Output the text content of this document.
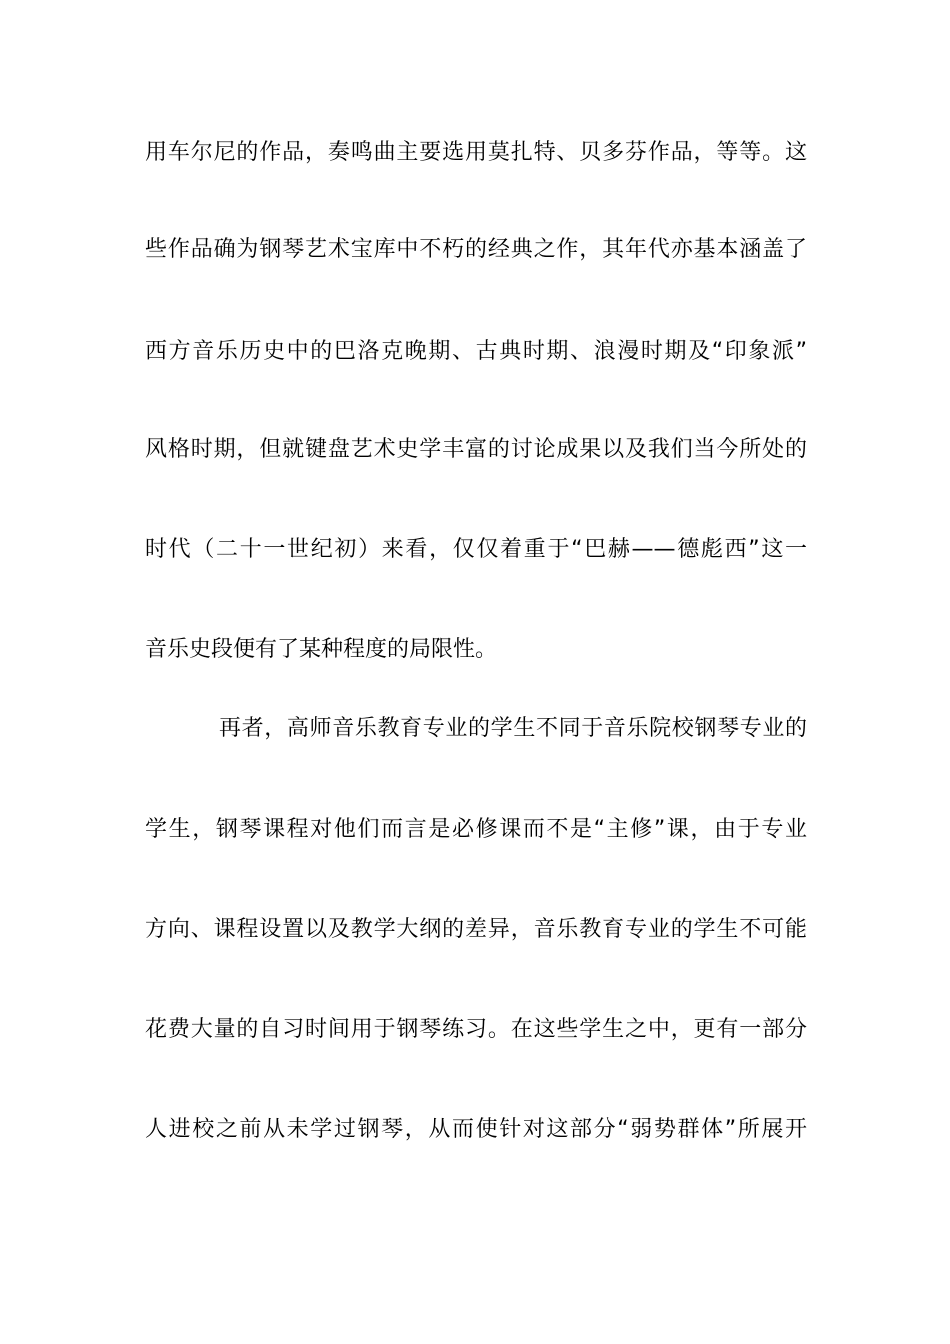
用车尔尼的作品，奏鸣曲主要选用莫扎特、贝多芬作品，等等。这
些作品确为钢琴艺术宝库中不朽的经典之作，其年代亦基本涵盖了
西方音乐历史中的巴洛克晚期、古典时期、浪漫时期及“印象派”
风格时期，但就键盘艺术史学丰富的讨论成果以及我们当今所处的
时代（二十一世纪初）来看，仅仅着重于“巴赫——德彪西”这一
音乐史段便有了某种程度的局限性。
再者，高师音乐教育专业的学生不同于音乐院校钢琴专业的
学生，钢琴课程对他们而言是必修课而不是“主修”课，由于专业
方向、课程设置以及教学大纲的差异，音乐教育专业的学生不可能
花费大量的自习时间用于钢琴练习。在这些学生之中，更有一部分
人进校之前从未学过钢琴，从而使针对这部分“弱势群体”所展开
